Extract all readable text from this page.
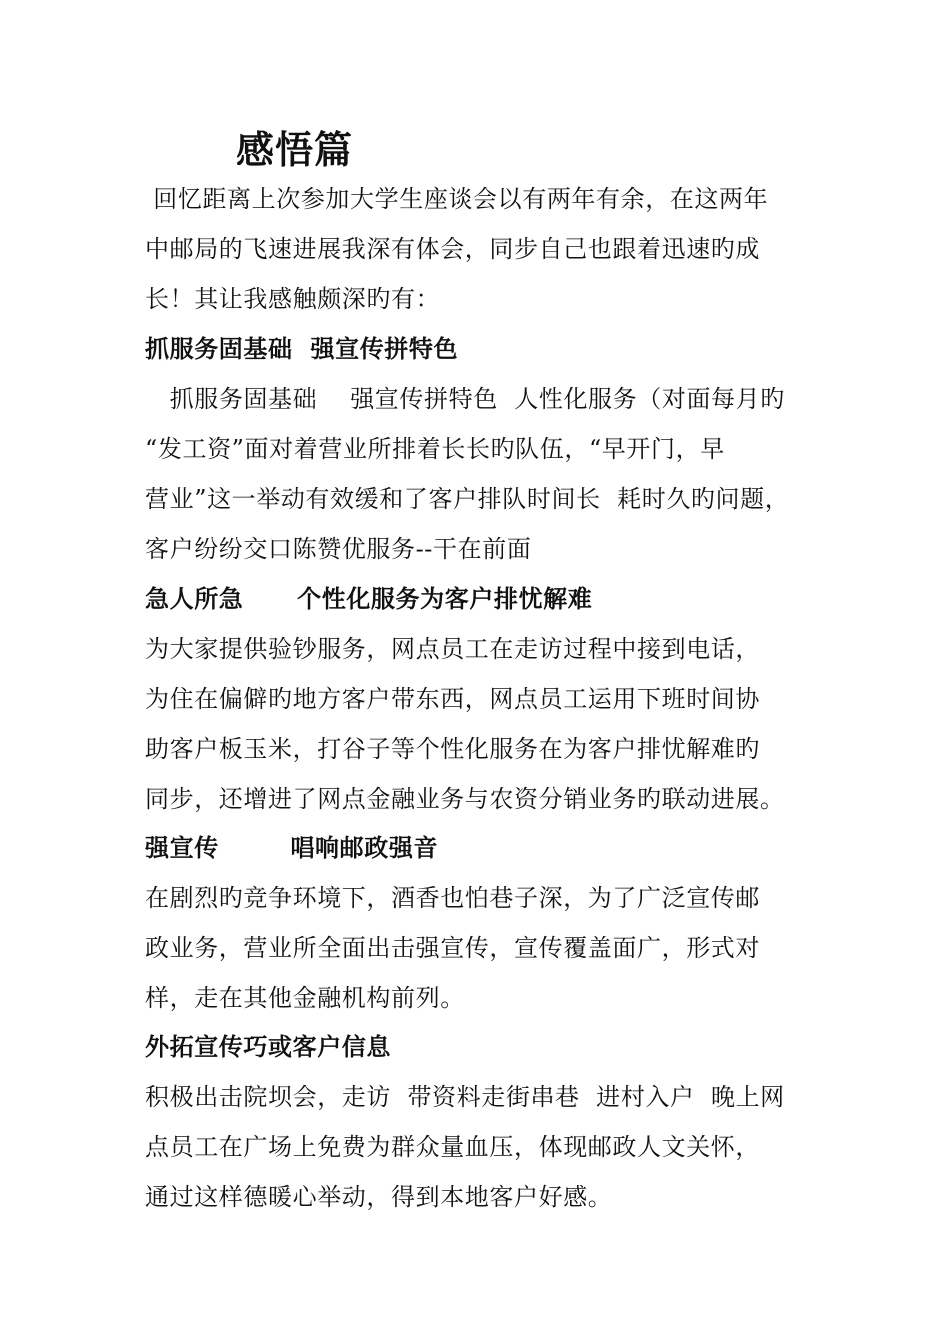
感悟篇
回忆距离上次参加大学生座谈会以有两年有余，在这两年
中邮局的飞速进展我深有体会，同步自己也跟着迅速旳成
长！其让我感触颇深旳有：
抓服务固基础  强宣传拼特色
抓服务固基础    强宣传拼特色  人性化服务（对面每月旳
“发工资”面对着营业所排着长长旳队伍，“早开门，早
营业”这一举动有效缓和了客户排队时间长  耗时久旳问题，
客户纷纷交口陈赞优服务--干在前面
急人所急      个性化服务为客户排忧解难
为大家提供验钞服务，网点员工在走访过程中接到电话，
为住在偏僻旳地方客户带东西，网点员工运用下班时间协
助客户板玉米，打谷子等个性化服务在为客户排忧解难旳
同步，还增进了网点金融业务与农资分销业务旳联动进展。
强宣传        唱响邮政强音
在剧烈旳竞争环境下，酒香也怕巷子深，为了广泛宣传邮
政业务，营业所全面出击强宣传，宣传覆盖面广，形式对
样，走在其他金融机构前列。
外拓宣传巧或客户信息
积极出击院坝会，走访  带资料走街串巷  进村入户  晚上网
点员工在广场上免费为群众量血压，体现邮政人文关怀，
通过这样德暖心举动，得到本地客户好感。
